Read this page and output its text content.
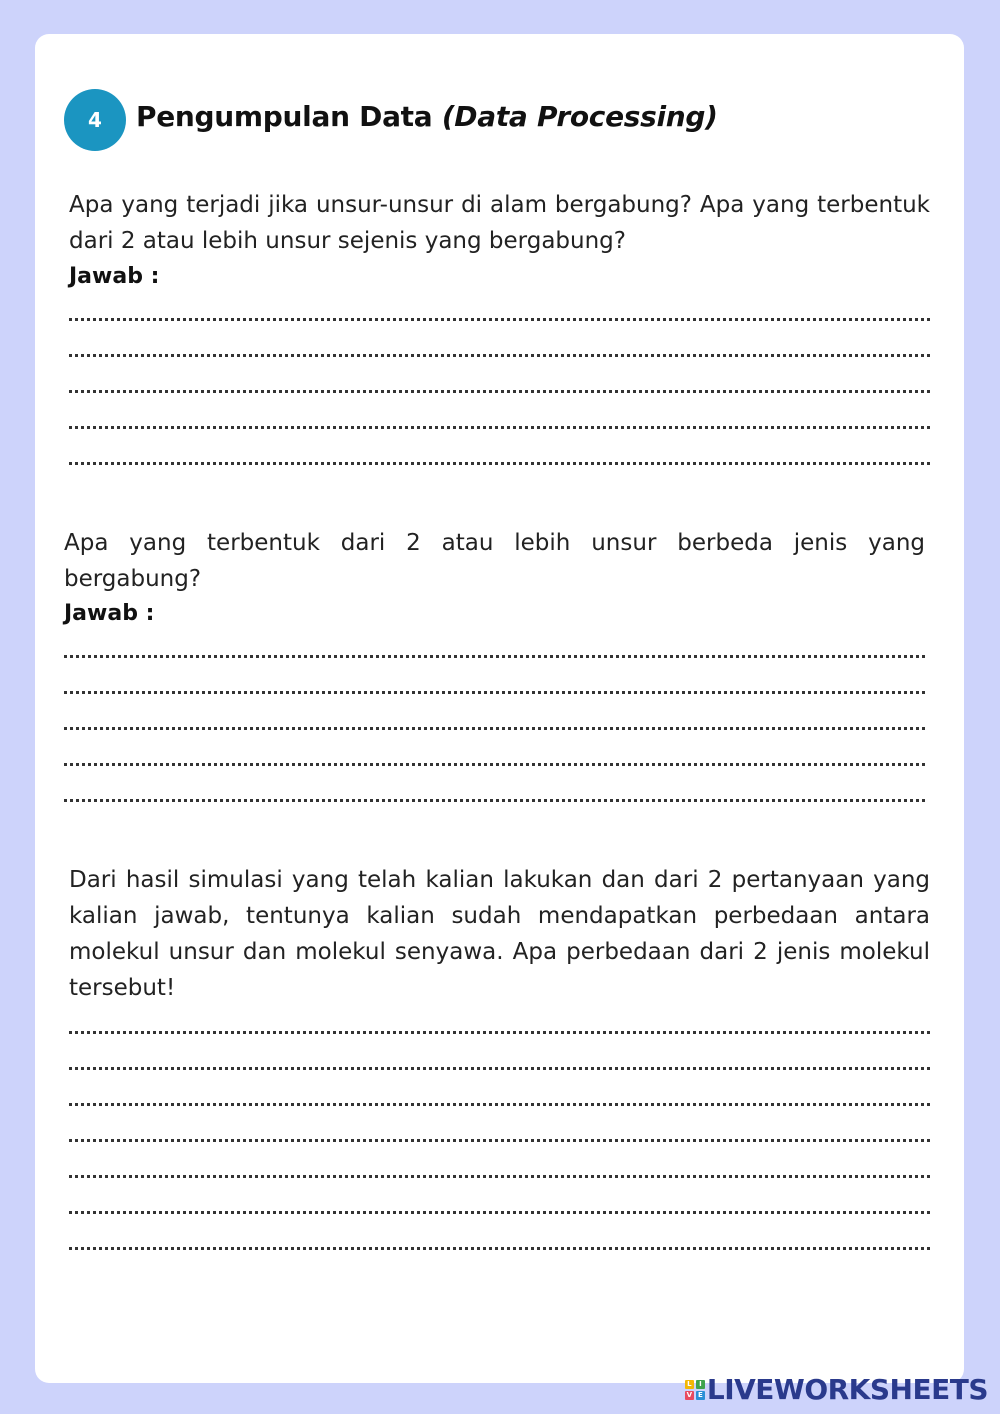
4	Pengumpulan Data (Data Processing)

Apa yang terjadi jika unsur-unsur di alam bergabung? Apa yang terbentuk dari 2 atau lebih unsur sejenis yang bergabung?

Jawab :

Apa yang terbentuk dari 2 atau lebih unsur berbeda jenis yang bergabung?

Jawab :

Dari hasil simulasi yang telah kalian lakukan dan dari 2 pertanyaan yang kalian jawab, tentunya kalian sudah mendapatkan perbedaan antara molekul unsur dan molekul senyawa. Apa perbedaan dari 2 jenis molekul tersebut!

L	I
V E LIVEWORKSHEETS
